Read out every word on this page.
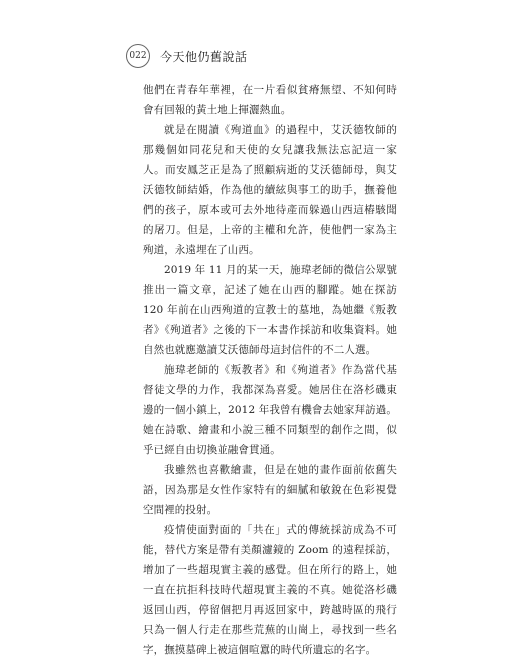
022 今天他仍舊說話

他們在青春年華裡，在一片看似貧瘠無望、不知何時會有回報的黃土地上揮灑熱血。

就是在閱讀《殉道血》的過程中，艾沃德牧師的那幾個如同花兒和天使的女兒讓我無法忘記這一家人。而安鳳芝正是為了照顧病逝的艾沃德師母，與艾沃德牧師結婚，作為他的續絃與事工的助手，撫養他們的孩子，原本或可去外地待產而躲過山西這樁駭聞的屠刀。但是，上帝的主權和允許，使他們一家為主殉道，永遠埋在了山西。

2019 年 11 月的某一天，施瑋老師的微信公眾號推出一篇文章，記述了她在山西的腳蹤。她在探訪 120 年前在山西殉道的宣教士的墓地，為她繼《叛教者》《殉道者》之後的下一本書作採訪和收集資料。她自然也就應邀讀艾沃德師母這封信件的不二人選。

施瑋老師的《叛教者》和《殉道者》作為當代基督徒文學的力作，我都深為喜愛。她居住在洛杉磯東邊的一個小鎮上，2012 年我曾有機會去她家拜訪過。她在詩歌、繪畫和小說三種不同類型的創作之間，似乎已經自由切換並融會貫通。

我雖然也喜歡繪畫，但是在她的畫作面前依舊失語，因為那是女性作家特有的細膩和敏銳在色彩視覺空間裡的投射。

疫情使面對面的「共在」式的傳統採訪成為不可能，替代方案是帶有美顏濾鏡的 Zoom 的遠程採訪，增加了一些超現實主義的感覺。但在所行的路上，她一直在抗拒科技時代超現實主義的不真。她從洛杉磯返回山西，停留個把月再返回家中，跨越時區的飛行只為一個人行走在那些荒蕪的山崗上，尋找到一些名字，撫摸墓碑上被這個喧囂的時代所遺忘的名字。
